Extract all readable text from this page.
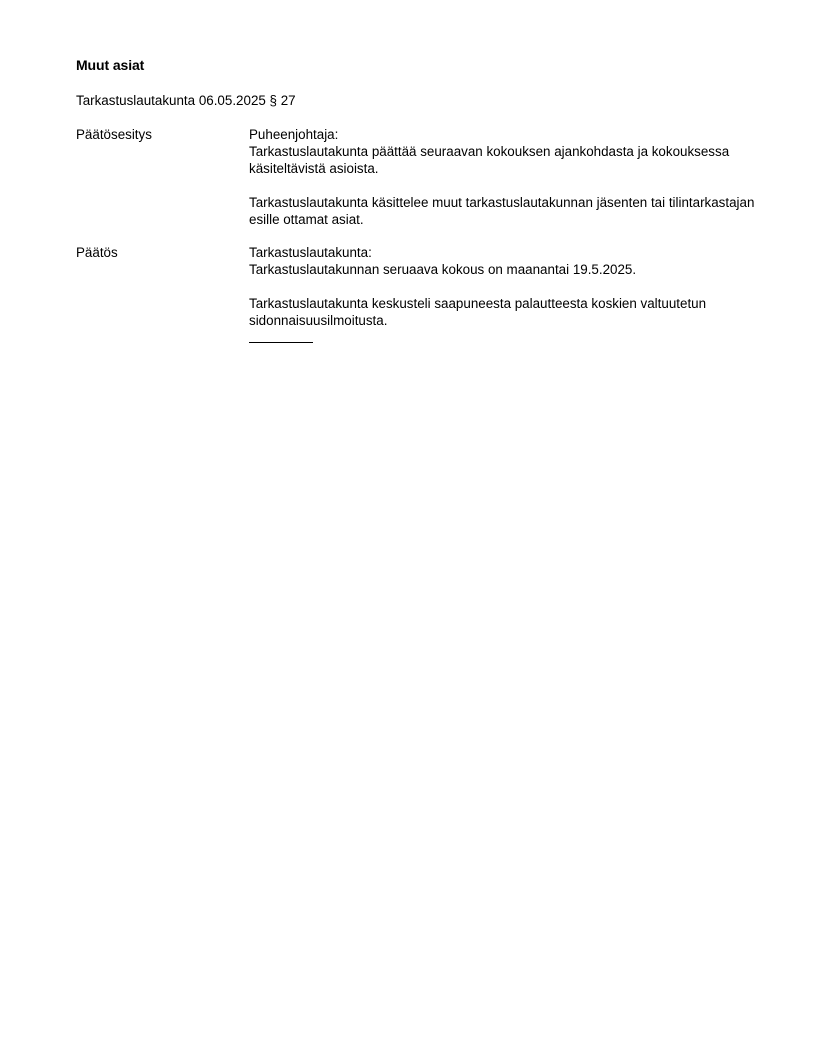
Muut asiat
Tarkastuslautakunta 06.05.2025 § 27
Päätösesitys	Puheenjohtaja:
Tarkastuslautakunta päättää seuraavan kokouksen ajankohdasta ja kokouksessa käsiteltävistä asioista.

Tarkastuslautakunta käsittelee muut tarkastuslautakunnan jäsenten tai tilintarkastajan esille ottamat asiat.

Päätös	Tarkastuslautakunta:
Tarkastuslautakunnan seruaava kokous on maanantai 19.5.2025.

Tarkastuslautakunta keskusteli saapuneesta palautteesta koskien valtuutetun sidonnaisuusilmoitusta.
